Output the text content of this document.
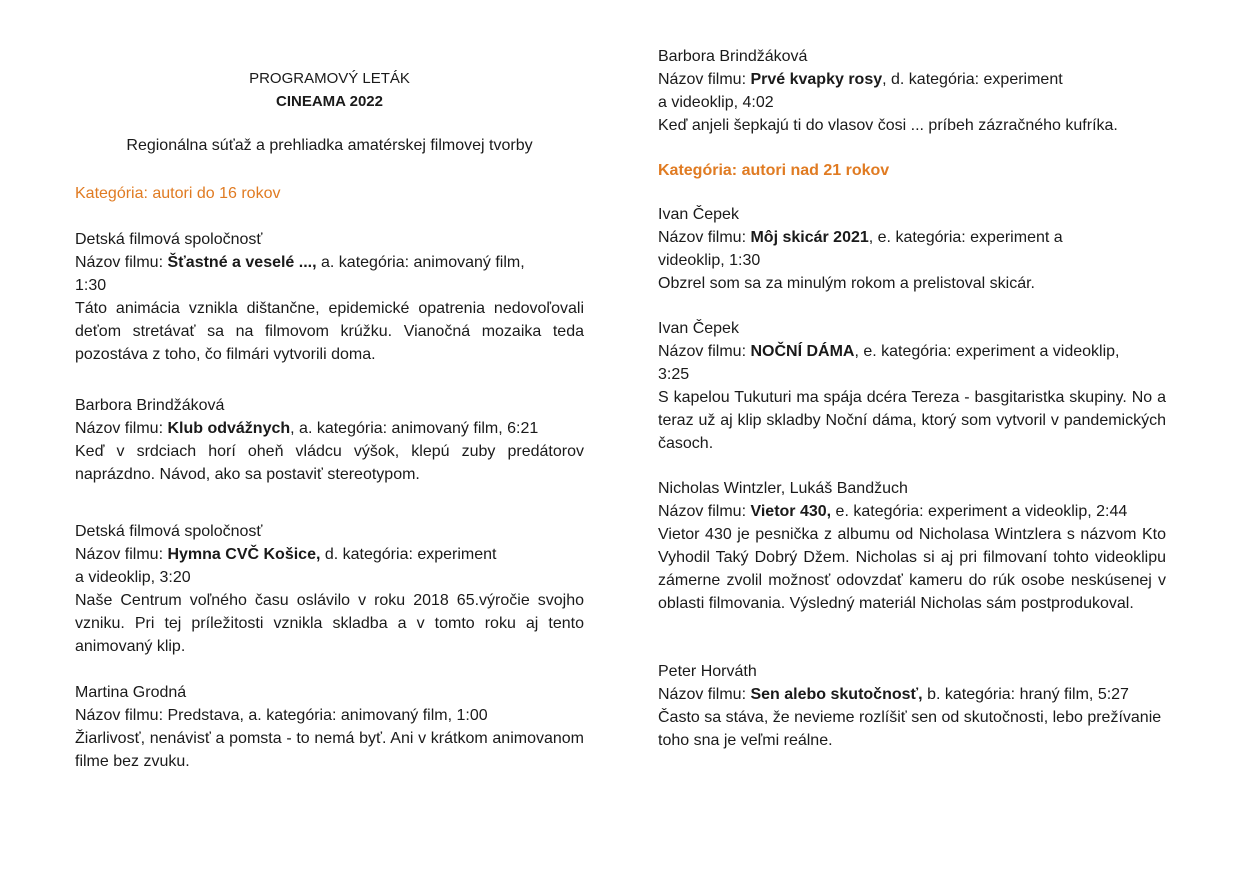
PROGRAMOVÝ LETÁK
CINEAMA 2022
Regionálna súťaž a prehliadka amatérskej filmovej tvorby
Kategória: autori do 16 rokov

Detská filmová spoločnosť

Názov filmu: Šťastné a veselé ..., a. kategória: animovaný film,

1:30

Táto animácia vznikla dištančne, epidemické opatrenia nedovoľovali deťom stretávať sa na filmovom krúžku. Vianočná mozaika teda pozostáva z toho, čo filmári vytvorili doma.

Barbora Brindžáková

Názov filmu: Klub odvážnych, a. kategória: animovaný film, 6:21

Keď v srdciach horí oheň vládcu výšok, klepú zuby predátorov naprázdno. Návod, ako sa postaviť stereotypom.

Detská filmová spoločnosť

Názov filmu: Hymna CVČ Košice, d. kategória: experiment

a videoklip, 3:20

Naše Centrum voľného času oslávilo v roku 2018 65.výročie svojho vzniku. Pri tej príležitosti vznikla skladba a v tomto roku aj tento animovaný klip.

Martina Grodná

Názov filmu: Predstava, a. kategória: animovaný film, 1:00

Žiarlivosť, nenávisť a pomsta - to nemá byť. Ani v krátkom animovanom filme bez zvuku.

Barbora Brindžáková

Názov filmu: Prvé kvapky rosy, d. kategória: experiment

a videoklip, 4:02

Keď anjeli šepkajú ti do vlasov čosi ... príbeh zázračného kufríka.

Kategória: autori nad 21 rokov

Ivan Čepek

Názov filmu: Môj skicár 2021, e. kategória: experiment a

videoklip, 1:30

Obzrel som sa za minulým rokom a prelistoval skicár.

Ivan Čepek

Názov filmu: NOČNÍ DÁMA, e. kategória: experiment a videoklip,

3:25

S kapelou Tukuturi ma spája dcéra Tereza - basgitaristka skupiny. No a teraz už aj klip skladby Noční dáma, ktorý som vytvoril v pandemických časoch.

Nicholas Wintzler, Lukáš Bandžuch

Názov filmu: Vietor 430, e. kategória: experiment a videoklip, 2:44

Vietor 430 je pesnička z albumu od Nicholasa Wintzlera s názvom Kto Vyhodil Taký Dobrý Džem. Nicholas si aj pri filmovaní tohto videoklipu zámerne zvolil možnosť odovzdať kameru do rúk osobe neskúsenej v oblasti filmovania. Výsledný materiál Nicholas sám postprodukoval.

Peter Horváth

Názov filmu: Sen alebo skutočnosť, b. kategória: hraný film, 5:27

Často sa stáva, že nevieme rozlíšiť sen od skutočnosti, lebo prežívanie toho sna je veľmi reálne.
